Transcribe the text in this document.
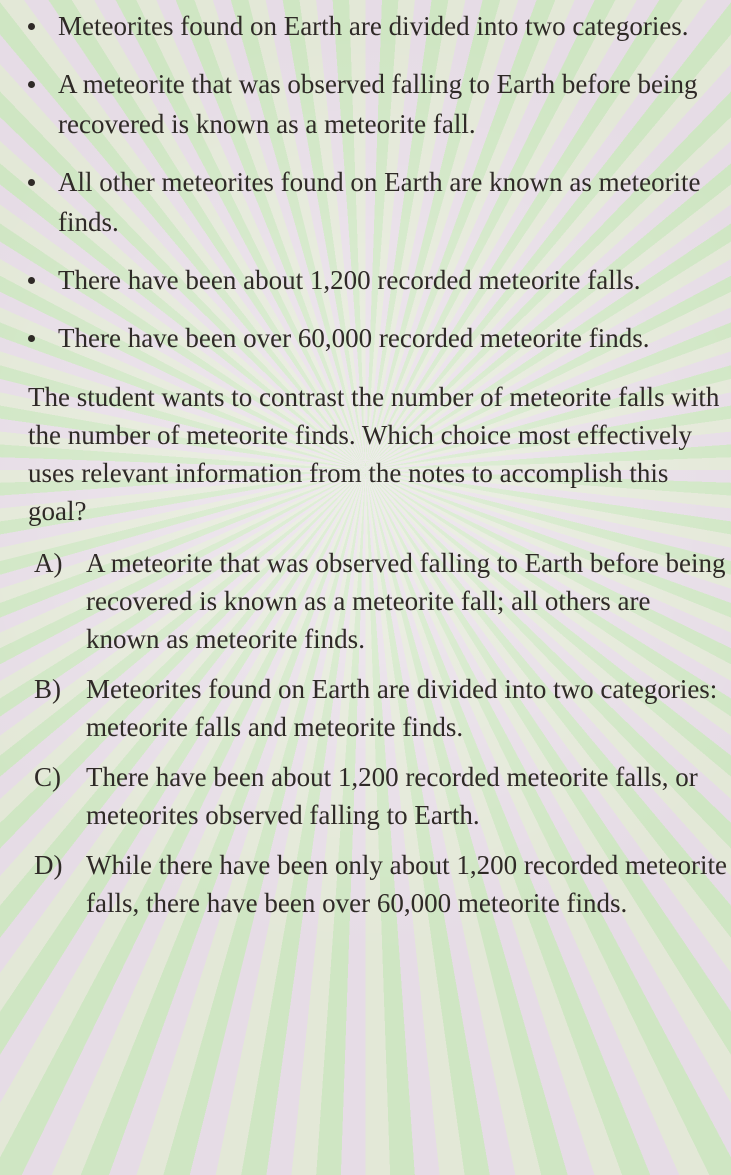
Meteorites found on Earth are divided into two categories.
A meteorite that was observed falling to Earth before being recovered is known as a meteorite fall.
All other meteorites found on Earth are known as meteorite finds.
There have been about 1,200 recorded meteorite falls.
There have been over 60,000 recorded meteorite finds.

The student wants to contrast the number of meteorite falls with the number of meteorite finds. Which choice most effectively uses relevant information from the notes to accomplish this goal?

A) A meteorite that was observed falling to Earth before being recovered is known as a meteorite fall; all others are known as meteorite finds.
B) Meteorites found on Earth are divided into two categories: meteorite falls and meteorite finds.
C) There have been about 1,200 recorded meteorite falls, or meteorites observed falling to Earth.
D) While there have been only about 1,200 recorded meteorite falls, there have been over 60,000 meteorite finds.
